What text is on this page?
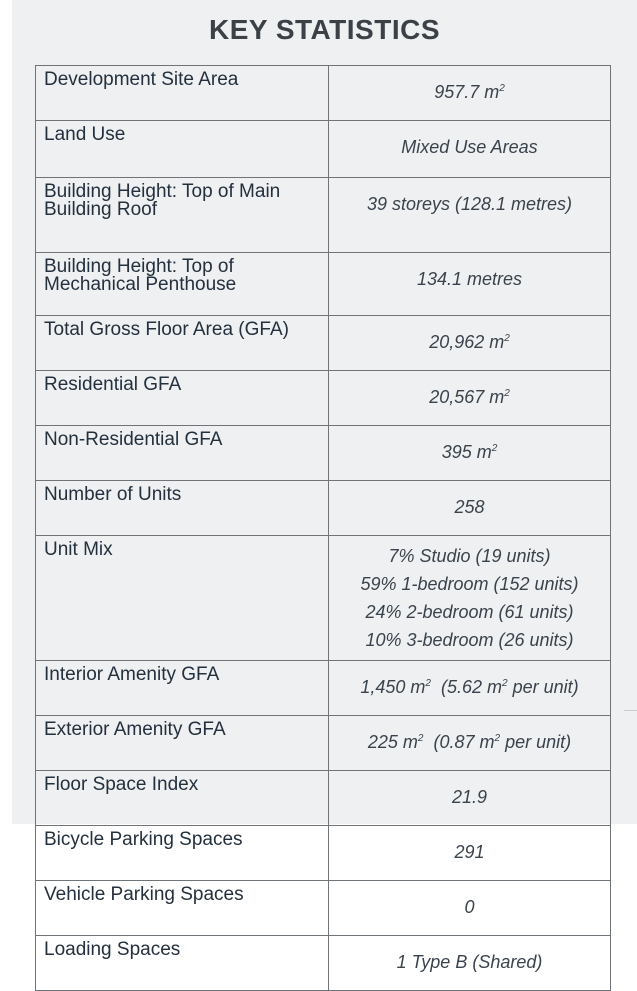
KEY STATISTICS
Development Site Area	957.7 $m^2$
Land Use	Mixed Use Areas
Building Height: Top of Main Building Roof	39 storeys (128.1 metres)
Building Height: Top of Mechanical Penthouse	134.1 metres
Total Gross Floor Area (GFA)	20,962 $m^2$
Residential GFA	20,567 $m^2$
Non-Residential GFA	395 $m^2$
Number of Units	258
Unit Mix	7% Studio (19 units)
59% 1-bedroom (152 units)
24% 2-bedroom (61 units)
10% 3-bedroom (26 units)

Interior Amenity GFA	1,450 $m^2$  (5.62 $m^2$ per unit)
Exterior Amenity GFA	225 $m^2$  (0.87 $m^2$ per unit)
Floor Space Index	21.9
Bicycle Parking Spaces	291
Vehicle Parking Spaces	0
Loading Spaces	1 Type B (Shared)
